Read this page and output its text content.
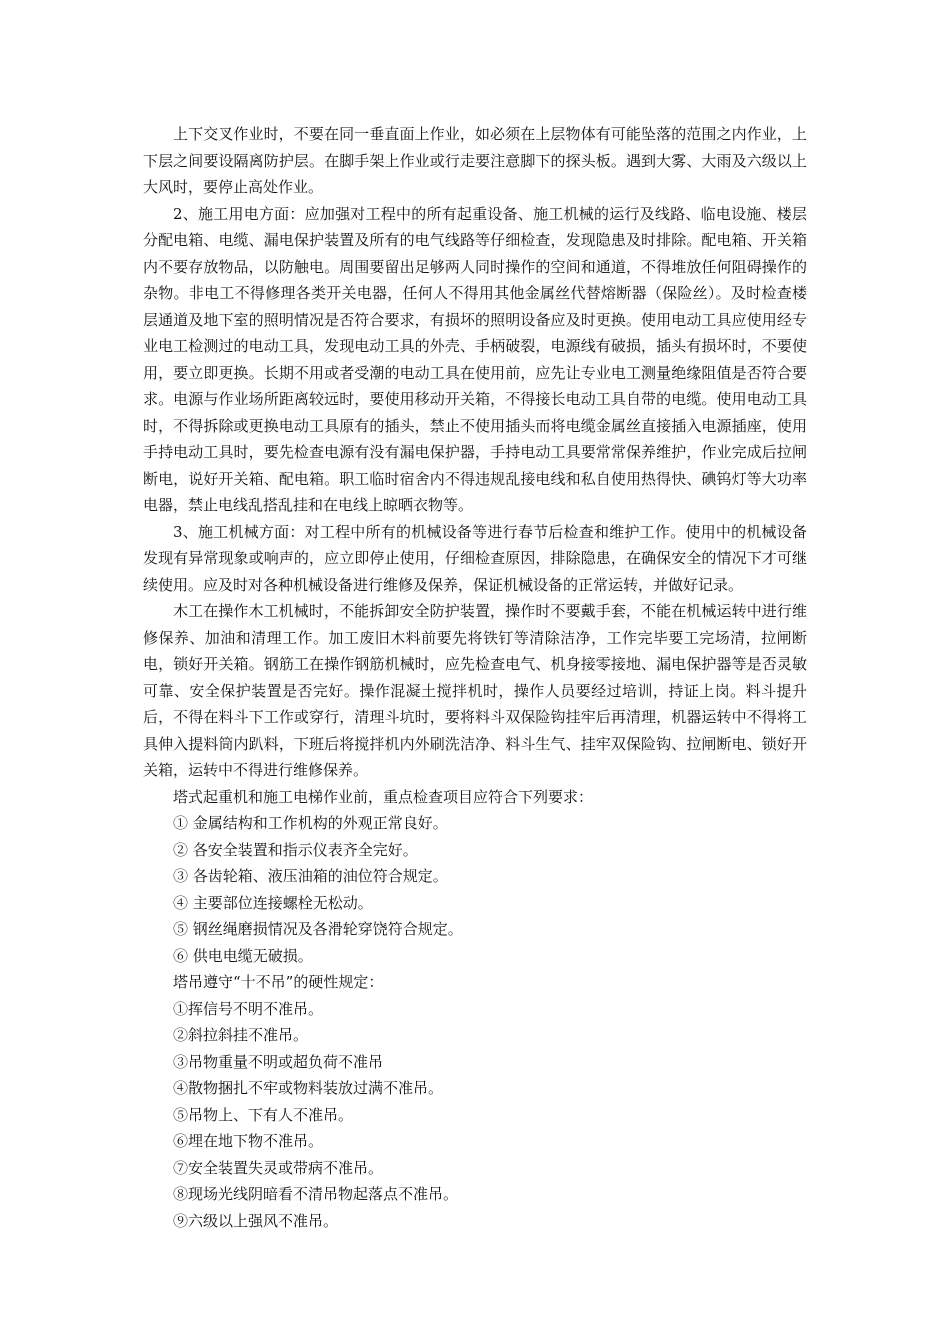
上下交叉作业时，不要在同一垂直面上作业，如必须在上层物体有可能坠落的范围之内作业，上下层之间要设隔离防护层。在脚手架上作业或行走要注意脚下的探头板。遇到大雾、大雨及六级以上大风时，要停止高处作业。

2、施工用电方面：应加强对工程中的所有起重设备、施工机械的运行及线路、临电设施、楼层分配电箱、电缆、漏电保护装置及所有的电气线路等仔细检查，发现隐患及时排除。配电箱、开关箱内不要存放物品，以防触电。周围要留出足够两人同时操作的空间和通道，不得堆放任何阻碍操作的杂物。非电工不得修理各类开关电器，任何人不得用其他金属丝代替熔断器（保险丝）。及时检查楼层通道及地下室的照明情况是否符合要求，有损坏的照明设备应及时更换。使用电动工具应使用经专业电工检测过的电动工具，发现电动工具的外壳、手柄破裂，电源线有破损，插头有损坏时，不要使用，要立即更换。长期不用或者受潮的电动工具在使用前，应先让专业电工测量绝缘阻值是否符合要求。电源与作业场所距离较远时，要使用移动开关箱，不得接长电动工具自带的电缆。使用电动工具时，不得拆除或更换电动工具原有的插头，禁止不使用插头而将电缆金属丝直接插入电源插座，使用手持电动工具时，要先检查电源有没有漏电保护器，手持电动工具要常常保养维护，作业完成后拉闸断电，说好开关箱、配电箱。职工临时宿舍内不得违规乱接电线和私自使用热得快、碘钨灯等大功率电器，禁止电线乱搭乱挂和在电线上晾晒衣物等。

3、施工机械方面：对工程中所有的机械设备等进行春节后检查和维护工作。使用中的机械设备发现有异常现象或响声的，应立即停止使用，仔细检查原因，排除隐患，在确保安全的情况下才可继续使用。应及时对各种机械设备进行维修及保养，保证机械设备的正常运转，并做好记录。

木工在操作木工机械时，不能拆卸安全防护装置，操作时不要戴手套，不能在机械运转中进行维修保养、加油和清理工作。加工废旧木料前要先将铁钉等清除洁净，工作完毕要工完场清，拉闸断电，锁好开关箱。钢筋工在操作钢筋机械时，应先检查电气、机身接零接地、漏电保护器等是否灵敏可靠、安全保护装置是否完好。操作混凝土搅拌机时，操作人员要经过培训，持证上岗。料斗提升后，不得在料斗下工作或穿行，清理斗坑时，要将料斗双保险钩挂牢后再清理，机器运转中不得将工具伸入提料筒内趴料，下班后将搅拌机内外刷洗洁净、料斗生气、挂牢双保险钩、拉闸断电、锁好开关箱，运转中不得进行维修保养。

塔式起重机和施工电梯作业前，重点检查项目应符合下列要求：

① 金属结构和工作机构的外观正常良好。

② 各安全装置和指示仪表齐全完好。

③ 各齿轮箱、液压油箱的油位符合规定。

④ 主要部位连接螺栓无松动。

⑤ 钢丝绳磨损情况及各滑轮穿饶符合规定。

⑥ 供电电缆无破损。

塔吊遵守“十不吊”的硬性规定：

①挥信号不明不准吊。

②斜拉斜挂不准吊。

③吊物重量不明或超负荷不准吊

④散物捆扎不牢或物料装放过满不准吊。

⑤吊物上、下有人不准吊。

⑥埋在地下物不准吊。

⑦安全装置失灵或带病不准吊。

⑧现场光线阴暗看不清吊物起落点不准吊。

⑨六级以上强风不准吊。
